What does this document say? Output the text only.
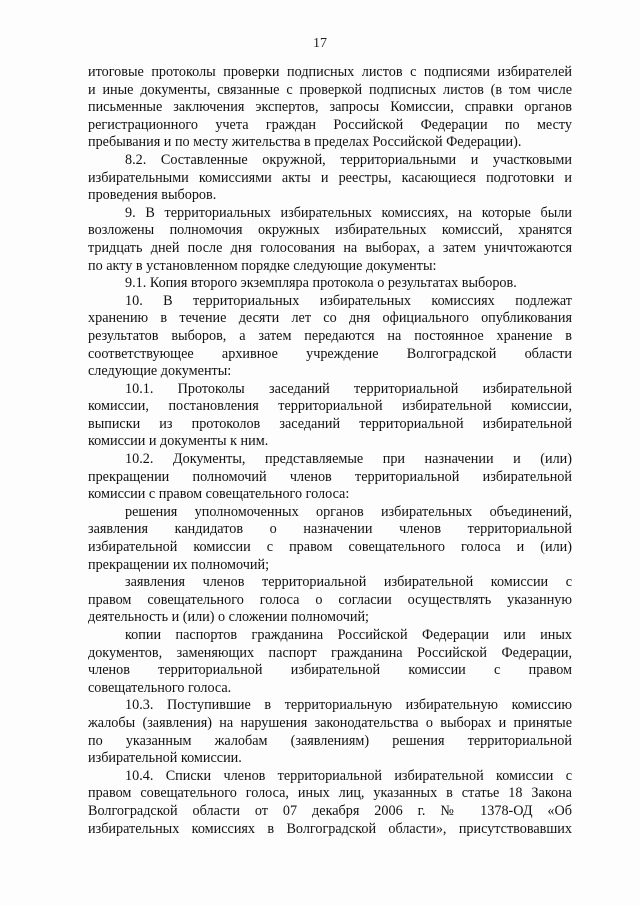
17
итоговые протоколы проверки подписных листов с подписями избирателей
и иные документы, связанные с проверкой подписных листов (в том числе
письменные заключения экспертов, запросы Комиссии, справки органов
регистрационного учета граждан Российской Федерации по месту
пребывания и по месту жительства в пределах Российской Федерации).
8.2. Составленные окружной, территориальными и участковыми
избирательными комиссиями акты и реестры, касающиеся подготовки и
проведения выборов.
9. В территориальных избирательных комиссиях, на которые были
возложены полномочия окружных избирательных комиссий, хранятся
тридцать дней после дня голосования на выборах, а затем уничтожаются
по акту в установленном порядке следующие документы:
9.1. Копия второго экземпляра протокола о результатах выборов.
10. В территориальных избирательных комиссиях подлежат
хранению в течение десяти лет со дня официального опубликования
результатов выборов, а затем передаются на постоянное хранение в
соответствующее архивное учреждение Волгоградской области
следующие документы:
10.1. Протоколы заседаний территориальной избирательной
комиссии, постановления территориальной избирательной комиссии,
выписки из протоколов заседаний территориальной избирательной
комиссии и документы к ним.
10.2. Документы, представляемые при назначении и (или)
прекращении полномочий членов территориальной избирательной
комиссии с правом совещательного голоса:
решения уполномоченных органов избирательных объединений,
заявления кандидатов о назначении членов территориальной
избирательной комиссии с правом совещательного голоса и (или)
прекращении их полномочий;
заявления членов территориальной избирательной комиссии с
правом совещательного голоса о согласии осуществлять указанную
деятельность и (или) о сложении полномочий;
копии паспортов гражданина Российской Федерации или иных
документов, заменяющих паспорт гражданина Российской Федерации,
членов территориальной избирательной комиссии с правом
совещательного голоса.
10.3. Поступившие в территориальную избирательную комиссию
жалобы (заявления) на нарушения законодательства о выборах и принятые
по указанным жалобам (заявлениям) решения территориальной
избирательной комиссии.
10.4. Списки членов территориальной избирательной комиссии с
правом совещательного голоса, иных лиц, указанных в статье 18 Закона
Волгоградской области от 07 декабря 2006 г. № 1378-ОД «Об
избирательных комиссиях в Волгоградской области», присутствовавших
